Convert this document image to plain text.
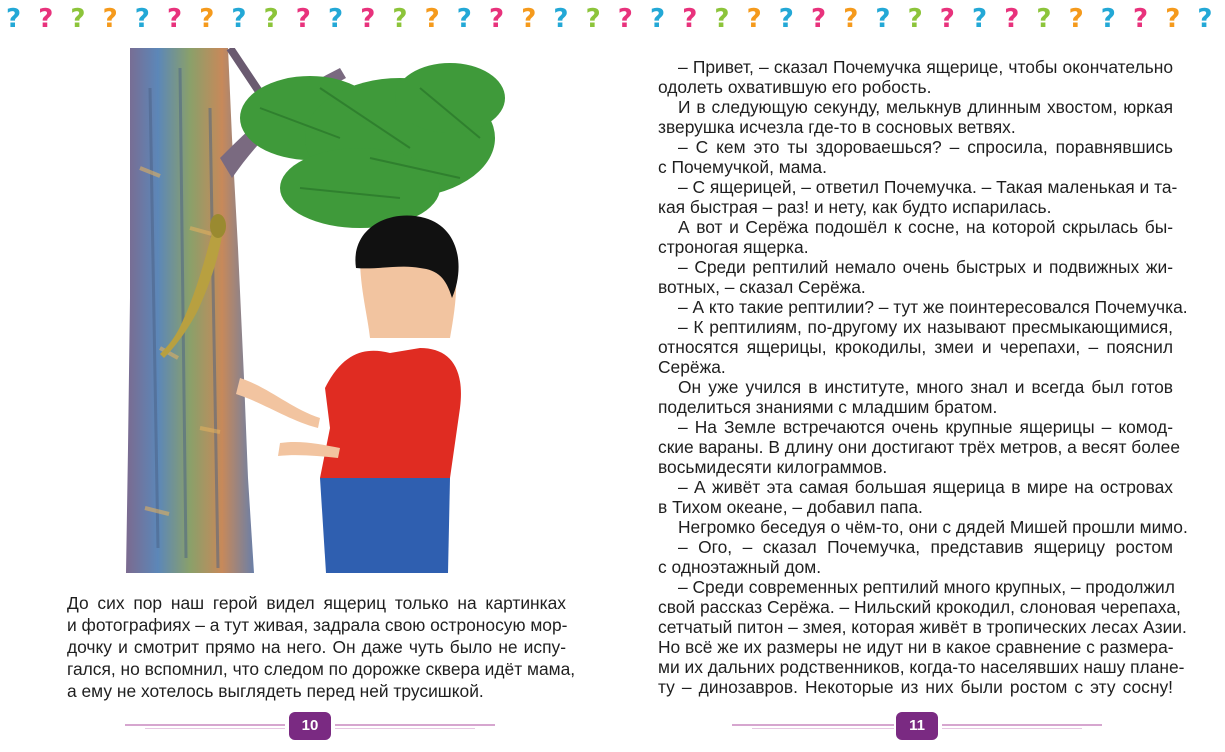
? ? ? ? ? ? ? ? ? ? ? ? ? ? ? ? ? ? ? ? ? ? ? ? ? ? ? ? ? ? ? ? ? ? ? ? ? ?
До сих пор наш герой видел ящериц только на картинках
и фотографиях – а тут живая, задрала свою остроносую мор-
дочку и смотрит прямо на него. Он даже чуть было не испу-
гался, но вспомнил, что следом по дорожке сквера идёт мама,
а ему не хотелось выглядеть перед ней трусишкой.
– Привет, – сказал Почемучка ящерице, чтобы окончательно
одолеть охватившую его робость.
И в следующую секунду, мелькнув длинным хвостом, юркая
зверушка исчезла где-то в сосновых ветвях.
– С кем это ты здороваешься? – спросила, поравнявшись
с Почемучкой, мама.
– С ящерицей, – ответил Почемучка. – Такая маленькая и та-
кая быстрая – раз! и нету, как будто испарилась.
А вот и Серёжа подошёл к сосне, на которой скрылась бы-
строногая ящерка.
– Среди рептилий немало очень быстрых и подвижных жи-
вотных, – сказал Серёжа.
– А кто такие рептилии? – тут же поинтересовался Почемучка.
– К рептилиям, по-другому их называют пресмыкающимися,
относятся ящерицы, крокодилы, змеи и черепахи, – пояснил
Серёжа.
Он уже учился в институте, много знал и всегда был готов
поделиться знаниями с младшим братом.
– На Земле встречаются очень крупные ящерицы – комод-
ские вараны. В длину они достигают трёх метров, а весят более
восьмидесяти килограммов.
– А живёт эта самая большая ящерица в мире на островах
в Тихом океане, – добавил папа.
Негромко беседуя о чём-то, они с дядей Мишей прошли мимо.
– Ого, – сказал Почемучка, представив ящерицу ростом
с одноэтажный дом.
– Среди современных рептилий много крупных, – продолжил
свой рассказ Серёжа. – Нильский крокодил, слоновая черепаха,
сетчатый питон – змея, которая живёт в тропических лесах Азии.
Но всё же их размеры не идут ни в какое сравнение с размера-
ми их дальних родственников, когда-то населявших нашу плане-
ту – динозавров. Некоторые из них были ростом с эту сосну!
10	11
